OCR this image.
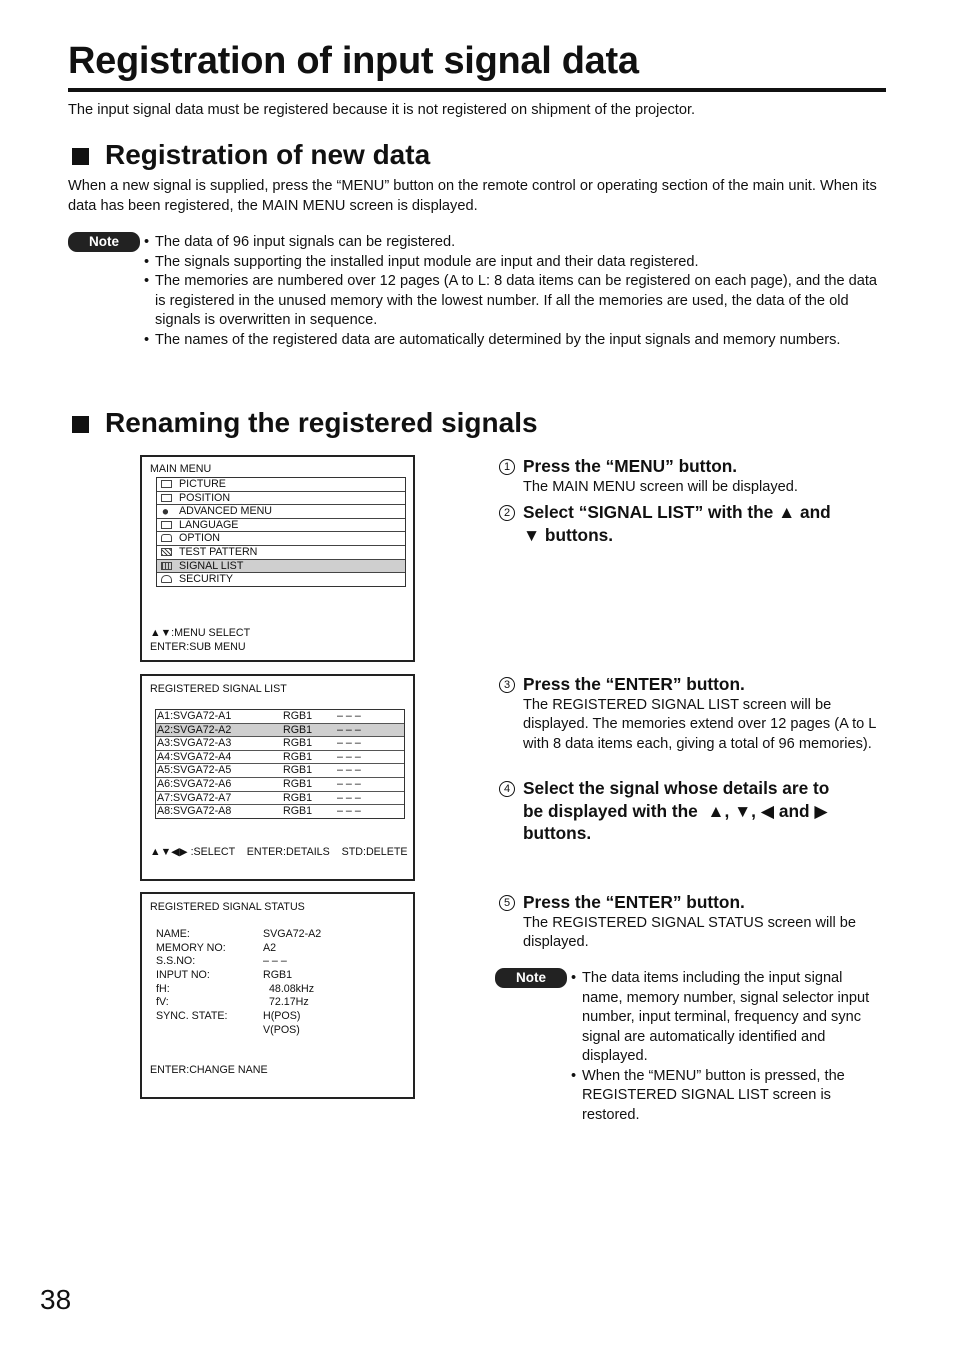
Registration of input signal data
The input signal data must be registered because it is not registered on shipment of the projector.
Registration of new data
When a new signal is supplied, press the “MENU” button on the remote control or operating section of the main unit. When its data has been registered, the MAIN MENU screen is displayed.
Note	• The data of 96 input signals can be registered.
• The signals supporting the installed input module are input and their data registered.
• The memories are numbered over 12 pages (A to L: 8 data items can be registered on each page), and the data is registered in the unused memory with the lowest number. If all the memories are used, the data of the old signals is overwritten in sequence.
• The names of the registered data are automatically determined by the input signals and memory numbers.
Renaming the registered signals
MAIN MENU
PICTURE
POSITION
ADVANCED MENU
LANGUAGE
OPTION
TEST PATTERN
SIGNAL LIST
SECURITY
▲▼:MENU SELECT
ENTER:SUB MENU
REGISTERED SIGNAL LIST
A1:SVGA72-A1	RGB1 – – –
A2:SVGA72-A2	RGB1 – – –
A3:SVGA72-A3	RGB1 – – –
A4:SVGA72-A4	RGB1 – – –
A5:SVGA72-A5	RGB1 – – –
A6:SVGA72-A6	RGB1 – – –
A7:SVGA72-A7	RGB1 – – –
A8:SVGA72-A8	RGB1 – – –
▲▼◀▶ :SELECT    ENTER:DETAILS    STD:DELETE
REGISTERED SIGNAL STATUS
NAME:	SVGA72-A2
MEMORY NO:	A2
S.S.NO:	– – –
INPUT NO:	RGB1
fH:	48.08kHz
fV:	72.17Hz
SYNC. STATE:	H(POS)
V(POS)
ENTER:CHANGE NANE
1 Press the “MENU” button.
The MAIN MENU screen will be displayed.
2 Select “SIGNAL LIST” with the ▲ and
▼ buttons.
3 Press the “ENTER” button.
The REGISTERED SIGNAL LIST screen will be displayed. The memories extend over 12 pages (A to L with 8 data items each, giving a total of 96 memories).
4 Select the signal whose details are to
be displayed with the  ▲, ▼, ◀ and ▶
buttons.
5 Press the “ENTER” button.
The REGISTERED SIGNAL STATUS screen will be displayed.
Note	• The data items including the input signal name, memory number, signal selector input number, input terminal, frequency and sync signal are automatically identified and displayed.
• When the “MENU” button is pressed, the REGISTERED SIGNAL LIST screen is restored.
38
